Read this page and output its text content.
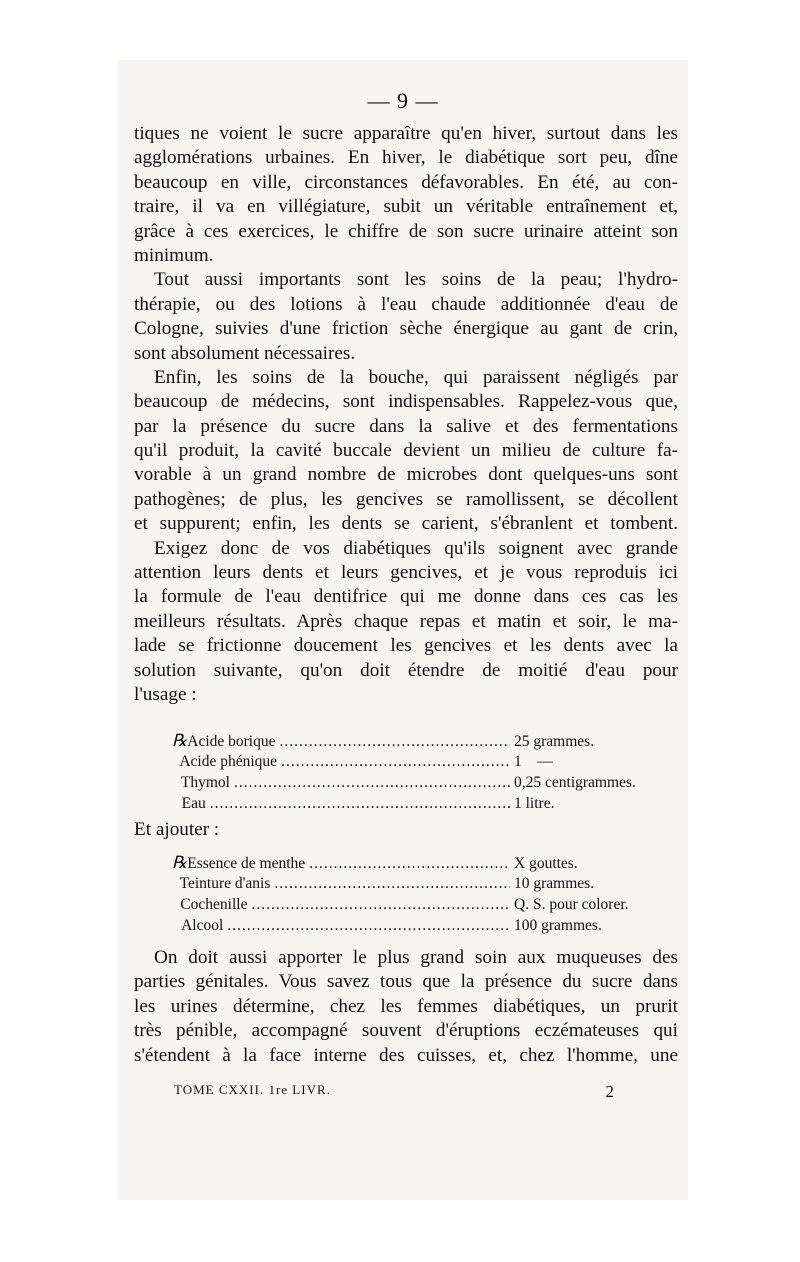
— 9 —
tiques ne voient le sucre apparaître qu'en hiver, surtout dans les
agglomérations urbaines. En hiver, le diabétique sort peu, dîne
beaucoup en ville, circonstances défavorables. En été, au con-
traire, il va en villégiature, subit un véritable entraînement et,
grâce à ces exercices, le chiffre de son sucre urinaire atteint son
minimum.
Tout aussi importants sont les soins de la peau; l'hydro-
thérapie, ou des lotions à l'eau chaude additionnée d'eau de
Cologne, suivies d'une friction sèche énergique au gant de crin,
sont absolument nécessaires.
Enfin, les soins de la bouche, qui paraissent négligés par
beaucoup de médecins, sont indispensables. Rappelez-vous que,
par la présence du sucre dans la salive et des fermentations
qu'il produit, la cavité buccale devient un milieu de culture fa-
vorable à un grand nombre de microbes dont quelques-uns sont
pathogènes; de plus, les gencives se ramollissent, se décollent
et suppurent; enfin, les dents se carient, s'ébranlent et tombent.
Exigez donc de vos diabétiques qu'ils soignent avec grande
attention leurs dents et leurs gencives, et je vous reproduis ici
la formule de l'eau dentifrice qui me donne dans ces cas les
meilleurs résultats. Après chaque repas et matin et soir, le ma-
lade se frictionne doucement les gencives et les dents avec la
solution suivante, qu'on doit étendre de moitié d'eau pour
l'usage :
℞ Acide borique .....	25 grammes.
Acide phénique .....	1    —
Thymol .....	0,25 centigrammes.
Eau .....	1 litre.
Et ajouter :
℞ Essence de menthe .....	X gouttes.
Teinture d'anis .....	10 grammes.
Cochenille .....	Q. S. pour colorer.
Alcool .....	100 grammes.
On doit aussi apporter le plus grand soin aux muqueuses des
parties génitales. Vous savez tous que la présence du sucre dans
les urines détermine, chez les femmes diabétiques, un prurit
très pénible, accompagné souvent d'éruptions eczémateuses qui
s'étendent à la face interne des cuisses, et, chez l'homme, une
TOME CXXII. 1re LIVR.	2
